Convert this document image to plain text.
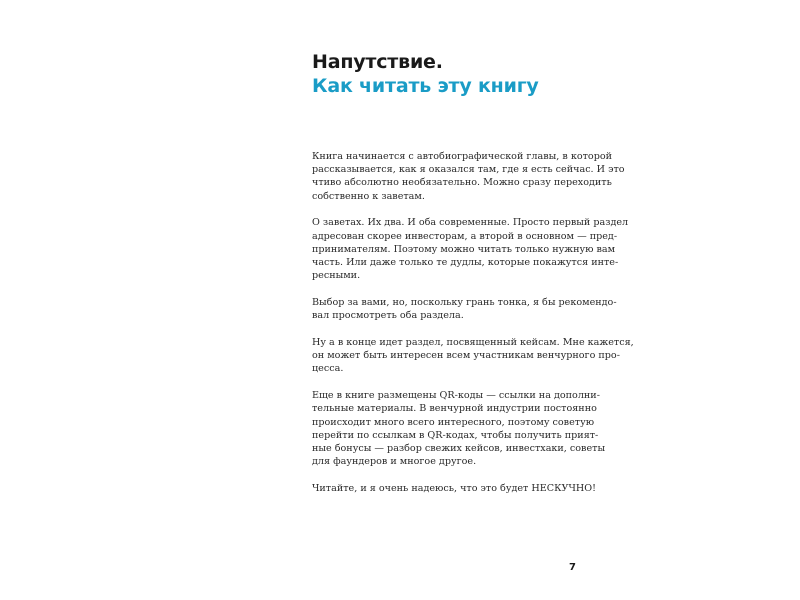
Напутствие.
Как читать эту книгу

Книга начинается с автобиографической главы, в которой
рассказывается, как я оказался там, где я есть сейчас. И это
чтиво абсолютно необязательно. Можно сразу переходить
собственно к заветам.

О заветах. Их два. И оба современные. Просто первый раздел
адресован скорее инвесторам, а второй в основном — пред-
принимателям. Поэтому можно читать только нужную вам
часть. Или даже только те дудлы, которые покажутся инте-
ресными.

Выбор за вами, но, поскольку грань тонка, я бы рекомендо-
вал просмотреть оба раздела.

Ну а в конце идет раздел, посвященный кейсам. Мне кажется,
он может быть интересен всем участникам венчурного про-
цесса.

Еще в книге размещены QR-коды — ссылки на дополни-
тельные материалы. В венчурной индустрии постоянно
происходит много всего интересного, поэтому советую
перейти по ссылкам в QR-кодах, чтобы получить прият-
ные бонусы — разбор свежих кейсов, инвестхаки, советы
для фаундеров и многое другое.

Читайте, и я очень надеюсь, что это будет НЕСКУЧНО!

7
